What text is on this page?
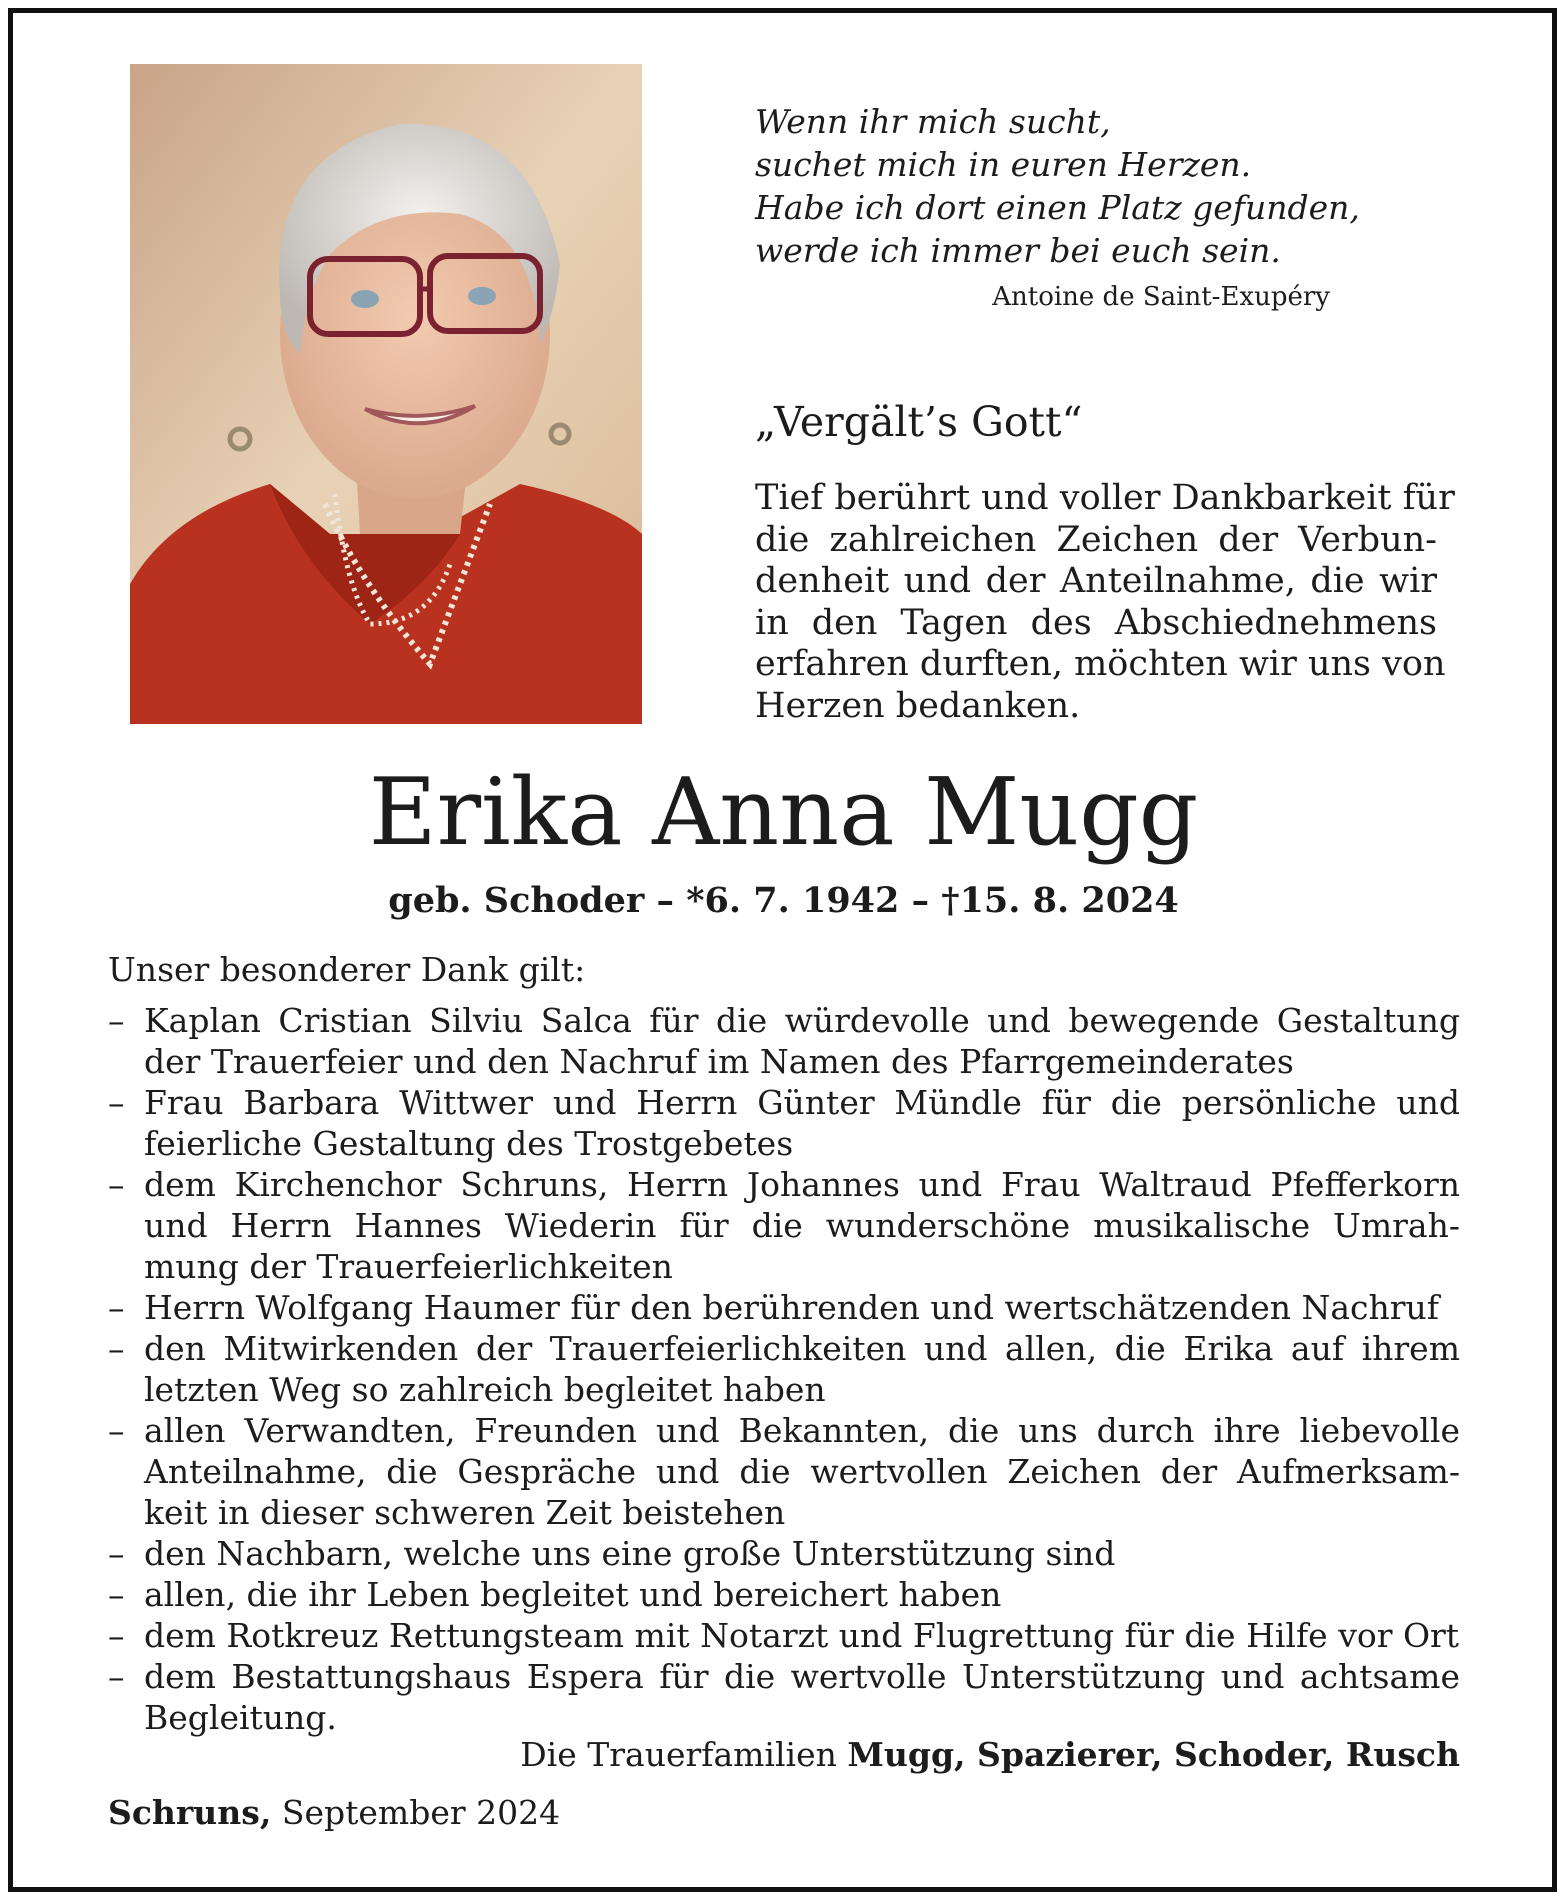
Wenn ihr mich sucht,
suchet mich in euren Herzen.
Habe ich dort einen Platz gefunden,
werde ich immer bei euch sein.
Antoine de Saint-Exupéry
„Vergält’s Gott“
Tief berührt und voller Dankbarkeit für
die zahlreichen Zeichen der Verbun-
denheit und der Anteilnahme, die wir
in den Tagen des Abschiednehmens
erfahren durften, möchten wir uns von
Herzen bedanken.
Erika Anna Mugg
geb. Schoder – *6. 7. 1942 – †15. 8. 2024
Unser besonderer Dank gilt:
– Kaplan Cristian Silviu Salca für die würdevolle und bewegende Gestaltung
der Trauerfeier und den Nachruf im Namen des Pfarrgemeinderates
– Frau Barbara Wittwer und Herrn Günter Mündle für die persönliche und
feierliche Gestaltung des Trostgebetes
– dem Kirchenchor Schruns, Herrn Johannes und Frau Waltraud Pfefferkorn
und Herrn Hannes Wiederin für die wunderschöne musikalische Umrah-
mung der Trauerfeierlichkeiten
– Herrn Wolfgang Haumer für den berührenden und wertschätzenden Nachruf
– den Mitwirkenden der Trauerfeierlichkeiten und allen, die Erika auf ihrem
letzten Weg so zahlreich begleitet haben
– allen Verwandten, Freunden und Bekannten, die uns durch ihre liebevolle
Anteilnahme, die Gespräche und die wertvollen Zeichen der Aufmerksam-
keit in dieser schweren Zeit beistehen
– den Nachbarn, welche uns eine große Unterstützung sind
– allen, die ihr Leben begleitet und bereichert haben
– dem Rotkreuz Rettungsteam mit Notarzt und Flugrettung für die Hilfe vor Ort
– dem Bestattungshaus Espera für die wertvolle Unterstützung und achtsame
Begleitung.
Die Trauerfamilien Mugg, Spazierer, Schoder, Rusch
Schruns, September 2024
